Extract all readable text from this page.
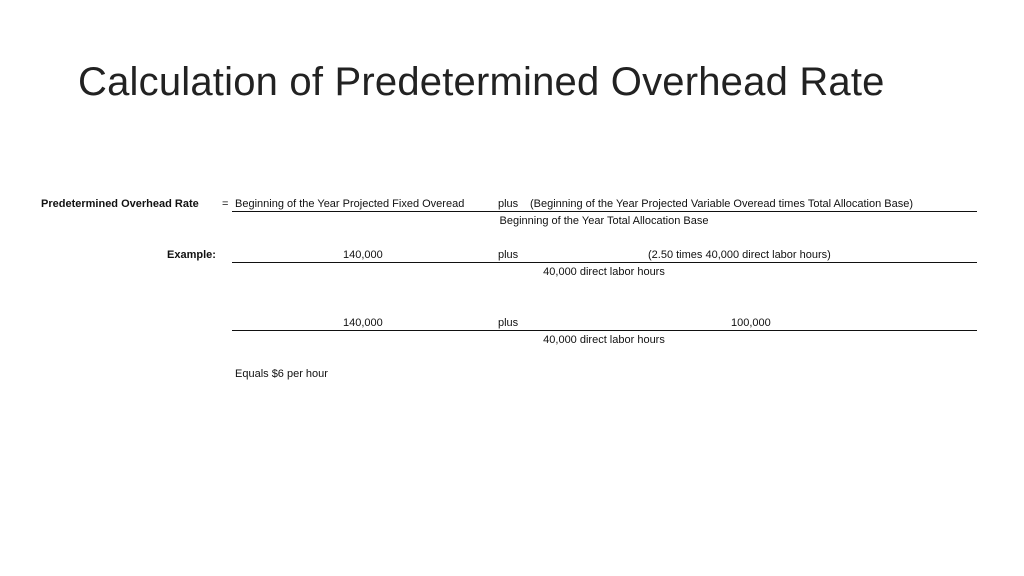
Calculation of Predetermined Overhead Rate
Predetermined Overhead Rate = Beginning of the Year Projected Fixed Overead	plus (Beginning of the Year Projected Variable Overead times Total Allocation Base)
Beginning of the Year Total Allocation Base
Example:	140,000	plus	(2.50 times 40,000 direct labor hours)
40,000 direct labor hours
140,000	plus	100,000
40,000 direct labor hours
Equals $6 per hour
